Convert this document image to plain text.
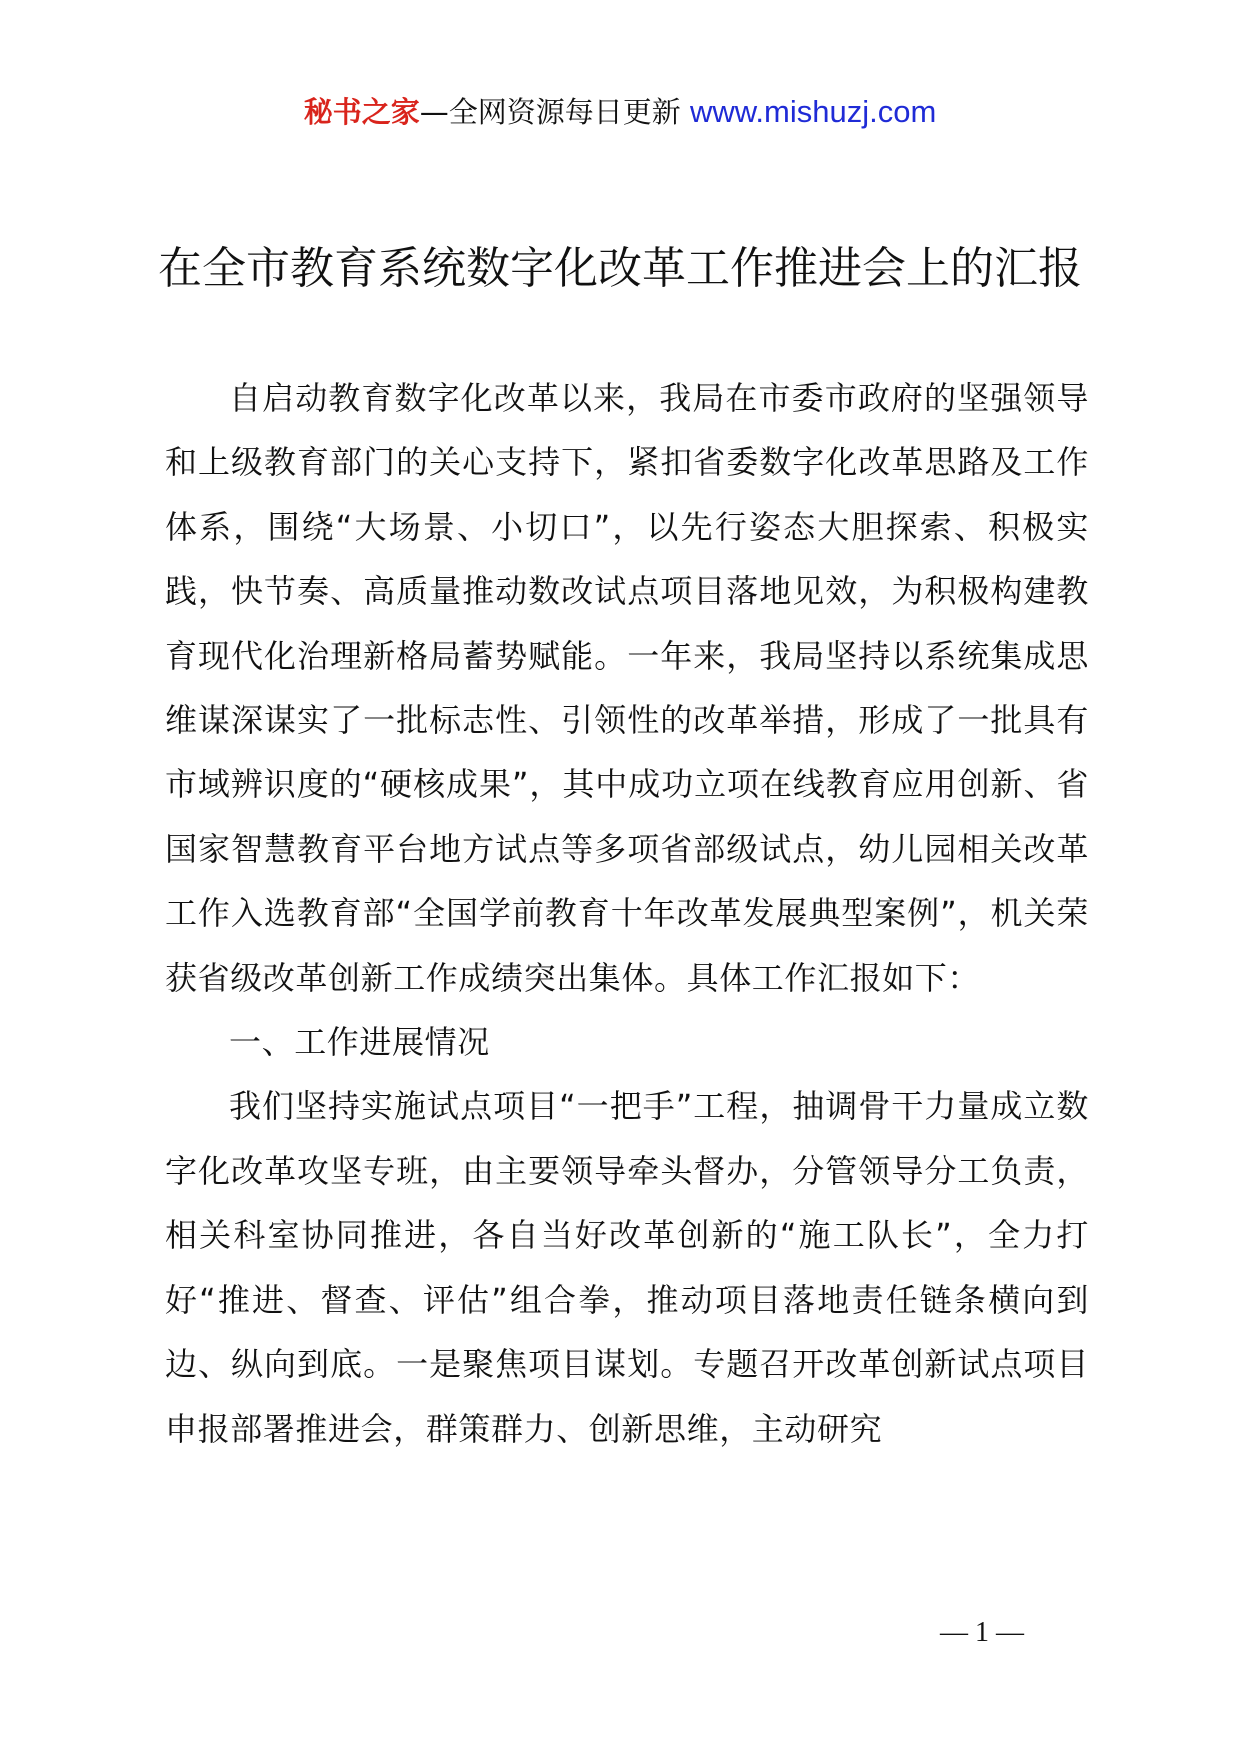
秘书之家—全网资源每日更新 www.mishuzj.com
在全市教育系统数字化改革工作推进会上的汇报

自启动教育数字化改革以来，我局在市委市政府的坚强领导和上级教育部门的关心支持下，紧扣省委数字化改革思路及工作体系，围绕“大场景、小切口”，以先行姿态大胆探索、积极实践，快节奏、高质量推动数改试点项目落地见效，为积极构建教育现代化治理新格局蓄势赋能。一年来，我局坚持以系统集成思维谋深谋实了一批标志性、引领性的改革举措，形成了一批具有市域辨识度的“硬核成果”，其中成功立项在线教育应用创新、省国家智慧教育平台地方试点等多项省部级试点，幼儿园相关改革工作入选教育部“全国学前教育十年改革发展典型案例”，机关荣获省级改革创新工作成绩突出集体。具体工作汇报如下：

一、工作进展情况

我们坚持实施试点项目“一把手”工程，抽调骨干力量成立数字化改革攻坚专班，由主要领导牵头督办，分管领导分工负责，相关科室协同推进，各自当好改革创新的“施工队长”，全力打好“推进、督查、评估”组合拳，推动项目落地责任链条横向到边、纵向到底。一是聚焦项目谋划。专题召开改革创新试点项目申报部署推进会，群策群力、创新思维，主动研究

— 1 —
